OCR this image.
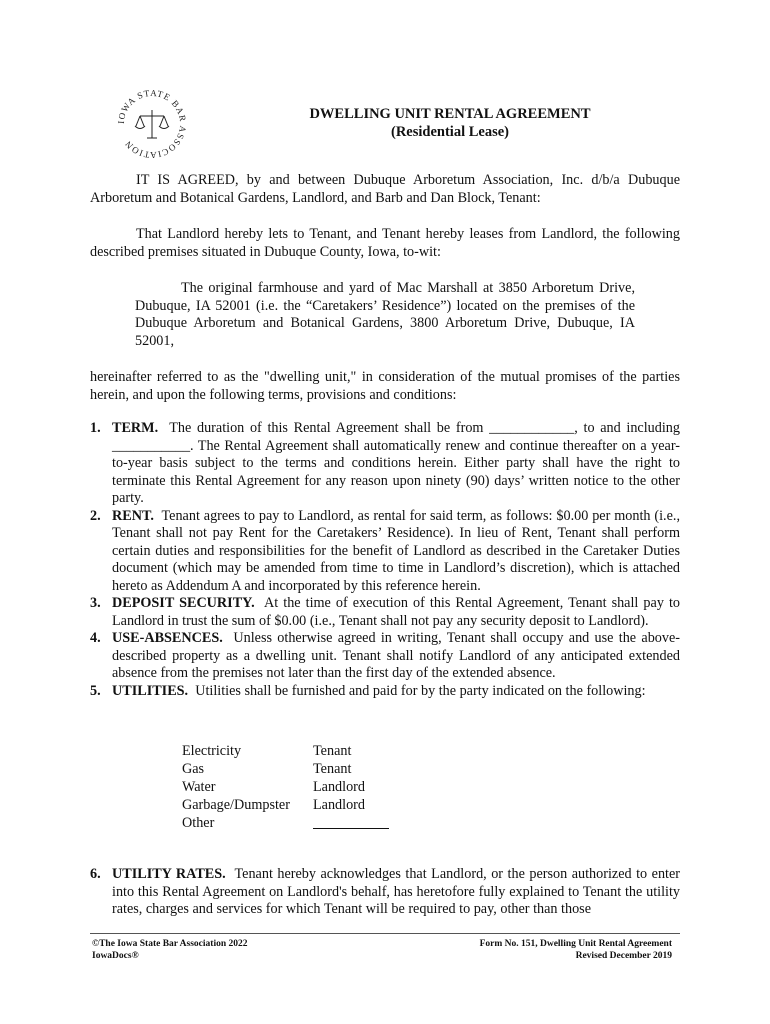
IOWA STATE BAR ASSOCIATION
DWELLING UNIT RENTAL AGREEMENT
(Residential Lease)
IT IS AGREED, by and between Dubuque Arboretum Association, Inc. d/b/a Dubuque Arboretum and Botanical Gardens, Landlord, and Barb and Dan Block, Tenant:
That Landlord hereby lets to Tenant, and Tenant hereby leases from Landlord, the following described premises situated in Dubuque County, Iowa, to-wit:
The original farmhouse and yard of Mac Marshall at 3850 Arboretum Drive, Dubuque, IA 52001 (i.e. the “Caretakers’ Residence”) located on the premises of the Dubuque Arboretum and Botanical Gardens, 3800 Arboretum Drive, Dubuque, IA 52001,
hereinafter referred to as the "dwelling unit," in consideration of the mutual promises of the parties herein, and upon the following terms, provisions and conditions:
1. TERM. The duration of this Rental Agreement shall be from ____________, to and including ___________. The Rental Agreement shall automatically renew and continue thereafter on a year-to-year basis subject to the terms and conditions herein. Either party shall have the right to terminate this Rental Agreement for any reason upon ninety (90) days’ written notice to the other party.
2. RENT. Tenant agrees to pay to Landlord, as rental for said term, as follows: $0.00 per month (i.e., Tenant shall not pay Rent for the Caretakers’ Residence). In lieu of Rent, Tenant shall perform certain duties and responsibilities for the benefit of Landlord as described in the Caretaker Duties document (which may be amended from time to time in Landlord’s discretion), which is attached hereto as Addendum A and incorporated by this reference herein.
3. DEPOSIT SECURITY. At the time of execution of this Rental Agreement, Tenant shall pay to Landlord in trust the sum of $0.00 (i.e., Tenant shall not pay any security deposit to Landlord).
4. USE-ABSENCES. Unless otherwise agreed in writing, Tenant shall occupy and use the above-described property as a dwelling unit. Tenant shall notify Landlord of any anticipated extended absence from the premises not later than the first day of the extended absence.
5. UTILITIES. Utilities shall be furnished and paid for by the party indicated on the following:
Electricity	Tenant
Gas	Tenant
Water	Landlord
Garbage/Dumpster	Landlord
Other	
6. UTILITY RATES. Tenant hereby acknowledges that Landlord, or the person authorized to enter into this Rental Agreement on Landlord's behalf, has heretofore fully explained to Tenant the utility rates, charges and services for which Tenant will be required to pay, other than those
©The Iowa State Bar Association 2022
IowaDocs®
Form No. 151, Dwelling Unit Rental Agreement
Revised December 2019
